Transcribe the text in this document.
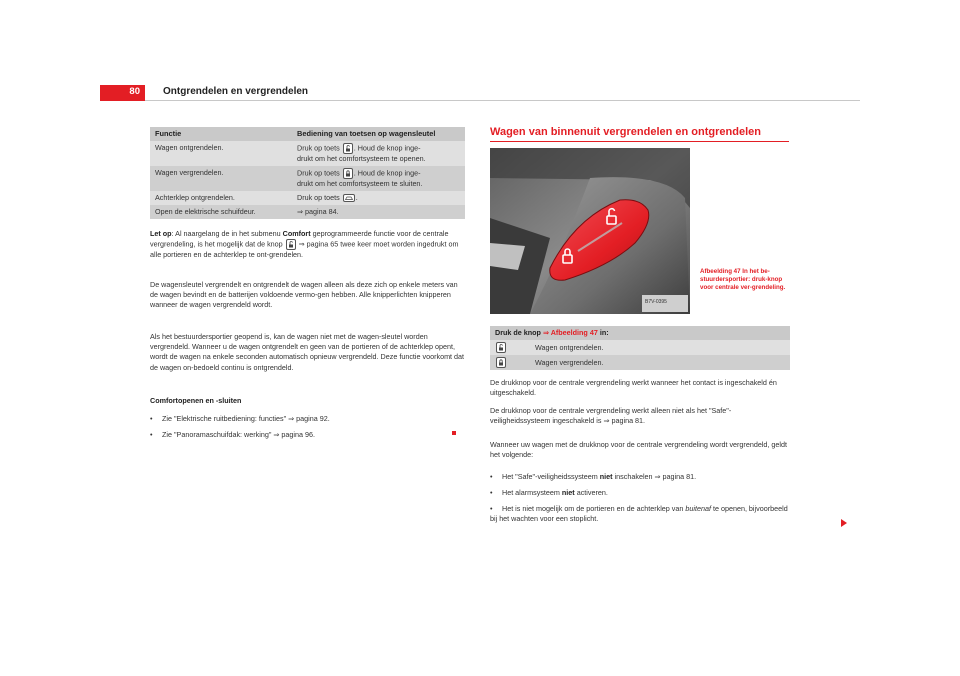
80 Ontgrendelen en vergrendelen
Functie	Bediening van toetsen op wagensleutel
Wagen ontgrendelen.	Druk op toets
. Houd de knop inge-
drukt om het comfortsysteem te openen.
Wagen vergrendelen.	Druk op toets
. Houd de knop inge-
drukt om het comfortsysteem te sluiten.
Achterklep ontgrendelen.	Druk op toets
.
Open de elektrische schuifdeur.	⇒ pagina 84.
Let op: Al naargelang de in het submenu Comfort geprogrammeerde functie voor de centrale vergrendeling, is het mogelijk dat de knop
⇒ pagina 65 twee keer moet worden ingedrukt om alle portieren en de achterklep te ont-grendelen.
De wagensleutel vergrendelt en ontgrendelt de wagen alleen als deze zich op enkele meters van de wagen bevindt en de batterijen voldoende vermo-gen hebben. Alle knipperlichten knipperen wanneer de wagen vergrendeld wordt.
Als het bestuurdersportier geopend is, kan de wagen niet met de wagen-sleutel worden vergrendeld. Wanneer u de wagen ontgrendelt en geen van de portieren of de achterklep opent, wordt de wagen na enkele seconden automatisch opnieuw vergrendeld. Deze functie voorkomt dat de wagen on-bedoeld continu is ontgrendeld.
Comfortopenen en -sluiten
• Zie "Elektrische ruitbediening: functies" ⇒ pagina 92.
• Zie "Panoramaschuifdak: werking" ⇒ pagina 96.
Wagen van binnenuit vergrendelen en ontgrendelen
B7V-0395
Afbeelding 47 In het be-stuurdersportier: druk-knop voor centrale ver-grendeling.
Druk de knop ⇒ Afbeelding 47 in:	

	Wagen ontgrendelen.

	Wagen vergrendelen.
De drukknop voor de centrale vergrendeling werkt wanneer het contact is ingeschakeld én uitgeschakeld.
De drukknop voor de centrale vergrendeling werkt alleen niet als het "Safe"-veiligheidssysteem ingeschakeld is ⇒ pagina 81.
Wanneer uw wagen met de drukknop voor de centrale vergrendeling wordt vergrendeld, geldt het volgende:
• Het "Safe"-veiligheidssysteem niet inschakelen ⇒ pagina 81.
• Het alarmsysteem niet activeren.
• Het is niet mogelijk om de portieren en de achterklep van buitenaf te openen, bijvoorbeeld bij het wachten voor een stoplicht.
